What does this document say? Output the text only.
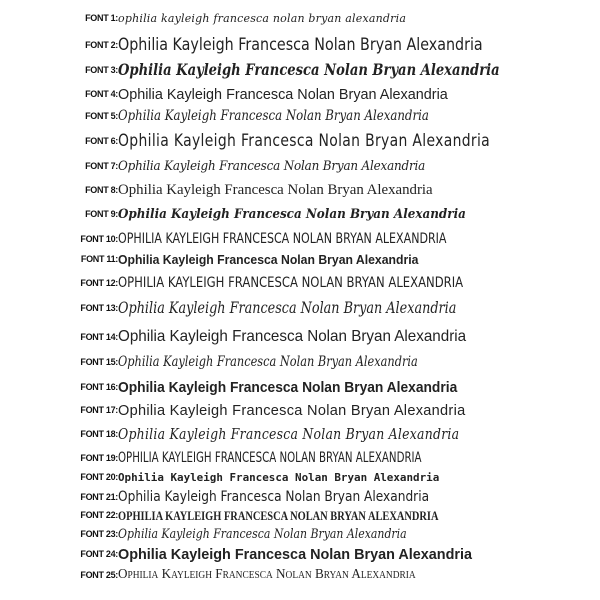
FONT 1: ophilia kayleigh francesca nolan bryan alexandria
FONT 2: Ophilia Kayleigh Francesca Nolan Bryan Alexandria
FONT 3: Ophilia Kayleigh Francesca Nolan Bryan Alexandria
FONT 4: Ophilia Kayleigh Francesca Nolan Bryan Alexandria
FONT 5: Ophilia Kayleigh Francesca Nolan Bryan Alexandria
FONT 6: Ophilia Kayleigh Francesca Nolan Bryan Alexandria
FONT 7: Ophilia Kayleigh Francesca Nolan Bryan Alexandria
FONT 8: Ophilia Kayleigh Francesca Nolan Bryan Alexandria
FONT 9: Ophilia Kayleigh Francesca Nolan Bryan Alexandria
FONT 10: OPHILIA KAYLEIGH FRANCESCA NOLAN BRYAN ALEXANDRIA
FONT 11: Ophilia Kayleigh Francesca Nolan Bryan Alexandria
FONT 12: OPHILIA KAYLEIGH FRANCESCA NOLAN BRYAN ALEXANDRIA
FONT 13: Ophilia Kayleigh Francesca Nolan Bryan Alexandria
FONT 14: Ophilia Kayleigh Francesca Nolan Bryan Alexandria
FONT 15: Ophilia Kayleigh Francesca Nolan Bryan Alexandria
FONT 16: Ophilia Kayleigh Francesca Nolan Bryan Alexandria
FONT 17: Ophilia Kayleigh Francesca Nolan Bryan Alexandria
FONT 18: Ophilia Kayleigh Francesca Nolan Bryan Alexandria
FONT 19: OPHILIA KAYLEIGH FRANCESCA NOLAN BRYAN ALEXANDRIA
FONT 20: Ophilia Kayleigh Francesca Nolan Bryan Alexandria
FONT 21: Ophilia Kayleigh Francesca Nolan Bryan Alexandria
FONT 22: OPHILIA KAYLEIGH FRANCESCA NOLAN BRYAN ALEXANDRIA
FONT 23: Ophilia Kayleigh Francesca Nolan Bryan Alexandria
FONT 24: Ophilia Kayleigh Francesca Nolan Bryan Alexandria
FONT 25: Ophilia Kayleigh Francesca Nolan Bryan Alexandria
